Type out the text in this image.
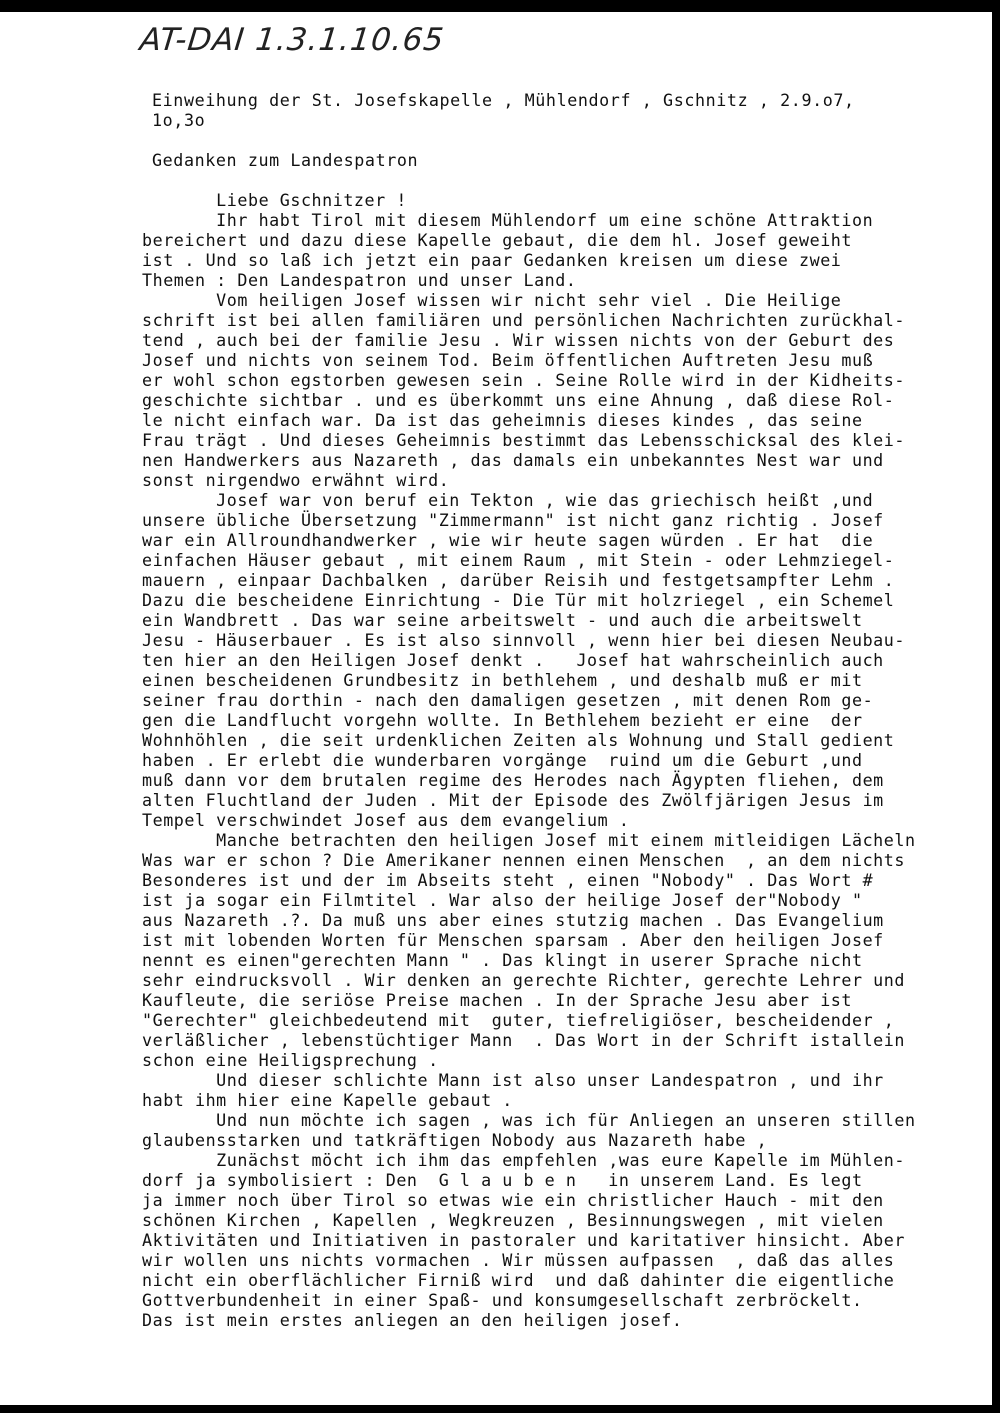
AT-DAI 1.3.1.10.65
Einweihung der St. Josefskapelle , Mühlendorf , Gschnitz , 2.9.o7,
1o,3o
Gedanken zum Landespatron
Liebe Gschnitzer !
Ihr habt Tirol mit diesem Mühlendorf um eine schöne Attraktion
bereichert und dazu diese Kapelle gebaut, die dem hl. Josef geweiht
ist . Und so laß ich jetzt ein paar Gedanken kreisen um diese zwei
Themen : Den Landespatron und unser Land.
Vom heiligen Josef wissen wir nicht sehr viel . Die Heilige
schrift ist bei allen familiären und persönlichen Nachrichten zurückhal-
tend , auch bei der familie Jesu . Wir wissen nichts von der Geburt des
Josef und nichts von seinem Tod. Beim öffentlichen Auftreten Jesu muß
er wohl schon egstorben gewesen sein . Seine Rolle wird in der Kidheits-
geschichte sichtbar . und es überkommt uns eine Ahnung , daß diese Rol-
le nicht einfach war. Da ist das geheimnis dieses kindes , das seine
Frau trägt . Und dieses Geheimnis bestimmt das Lebensschicksal des klei-
nen Handwerkers aus Nazareth , das damals ein unbekanntes Nest war und
sonst nirgendwo erwähnt wird.
Josef war von beruf ein Tekton , wie das griechisch heißt ,und
unsere übliche Übersetzung "Zimmermann" ist nicht ganz richtig . Josef
war ein Allroundhandwerker , wie wir heute sagen würden . Er hat  die
einfachen Häuser gebaut , mit einem Raum , mit Stein - oder Lehmziegel-
mauern , einpaar Dachbalken , darüber Reisih und festgetsampfter Lehm .
Dazu die bescheidene Einrichtung - Die Tür mit holzriegel , ein Schemel
ein Wandbrett . Das war seine arbeitswelt - und auch die arbeitswelt
Jesu - Häuserbauer . Es ist also sinnvoll , wenn hier bei diesen Neubau-
ten hier an den Heiligen Josef denkt .   Josef hat wahrscheinlich auch
einen bescheidenen Grundbesitz in bethlehem , und deshalb muß er mit
seiner frau dorthin - nach den damaligen gesetzen , mit denen Rom ge-
gen die Landflucht vorgehn wollte. In Bethlehem bezieht er eine  der
Wohnhöhlen , die seit urdenklichen Zeiten als Wohnung und Stall gedient
haben . Er erlebt die wunderbaren vorgänge  ruind um die Geburt ,und
muß dann vor dem brutalen regime des Herodes nach Ägypten fliehen, dem
alten Fluchtland der Juden . Mit der Episode des Zwölfjärigen Jesus im
Tempel verschwindet Josef aus dem evangelium .
Manche betrachten den heiligen Josef mit einem mitleidigen Lächeln
Was war er schon ? Die Amerikaner nennen einen Menschen  , an dem nichts
Besonderes ist und der im Abseits steht , einen "Nobody" . Das Wort #
ist ja sogar ein Filmtitel . War also der heilige Josef der"Nobody "
aus Nazareth .?. Da muß uns aber eines stutzig machen . Das Evangelium
ist mit lobenden Worten für Menschen sparsam . Aber den heiligen Josef
nennt es einen"gerechten Mann " . Das klingt in userer Sprache nicht
sehr eindrucksvoll . Wir denken an gerechte Richter, gerechte Lehrer und
Kaufleute, die seriöse Preise machen . In der Sprache Jesu aber ist
"Gerechter" gleichbedeutend mit  guter, tiefreligiöser, bescheidender ,
verläßlicher , lebenstüchtiger Mann  . Das Wort in der Schrift istallein
schon eine Heiligsprechung .
Und dieser schlichte Mann ist also unser Landespatron , und ihr
habt ihm hier eine Kapelle gebaut .
Und nun möchte ich sagen , was ich für Anliegen an unseren stillen
glaubensstarken und tatkräftigen Nobody aus Nazareth habe ,
Zunächst möcht ich ihm das empfehlen ,was eure Kapelle im Mühlen-
dorf ja symbolisiert : Den  G l a u b e n   in unserem Land. Es legt
ja immer noch über Tirol so etwas wie ein christlicher Hauch - mit den
schönen Kirchen , Kapellen , Wegkreuzen , Besinnungswegen , mit vielen
Aktivitäten und Initiativen in pastoraler und karitativer hinsicht. Aber
wir wollen uns nichts vormachen . Wir müssen aufpassen  , daß das alles
nicht ein oberflächlicher Firniß wird  und daß dahinter die eigentliche
Gottverbundenheit in einer Spaß- und konsumgesellschaft zerbröckelt.
Das ist mein erstes anliegen an den heiligen josef.
